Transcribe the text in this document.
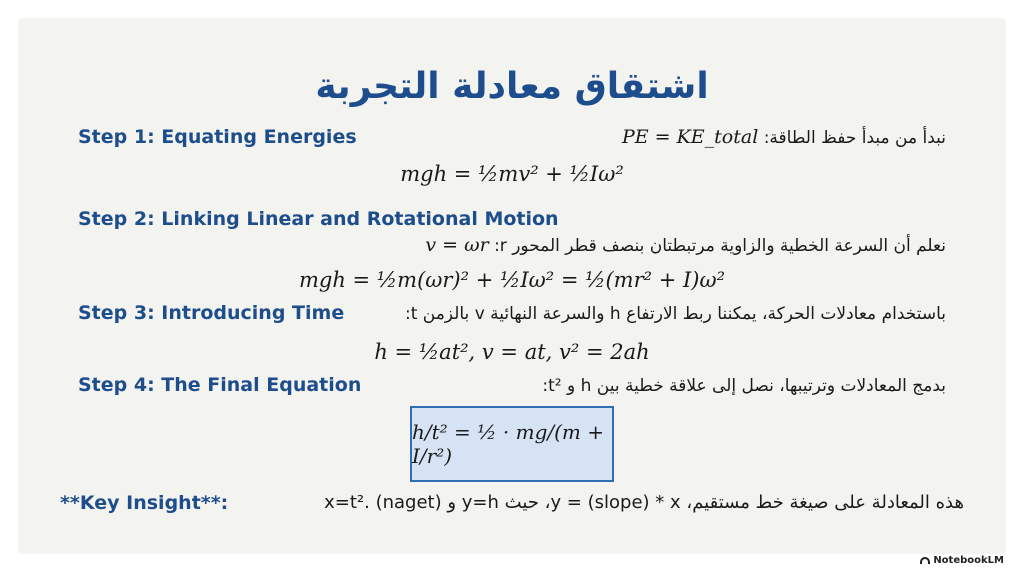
اشتقاق معادلة التجربة
Step 1: Equating Energies	نبدأ من مبدأ حفظ الطاقة: PE = KE_total
mgh = ½mv² + ½Iω²
Step 2: Linking Linear and Rotational Motion
نعلم أن السرعة الخطية والزاوية مرتبطتان بنصف قطر المحور r: v = ωr
mgh = ½m(ωr)² + ½Iω² = ½(mr² + I)ω²
Step 3: Introducing Time	باستخدام معادلات الحركة، يمكننا ربط الارتفاع h والسرعة النهائية v بالزمن t:
h = ½at², v = at, v² = 2ah
Step 4: The Final Equation	بدمج المعادلات وترتيبها، نصل إلى علاقة خطية بين h و t²:
h/t² = ½ · mg/(m + I/r²)
**Key Insight**:	هذه المعادلة على صيغة خط مستقيم، y = (slope) * x، حيث y=h و x=t². (naget)
NotebookLM
